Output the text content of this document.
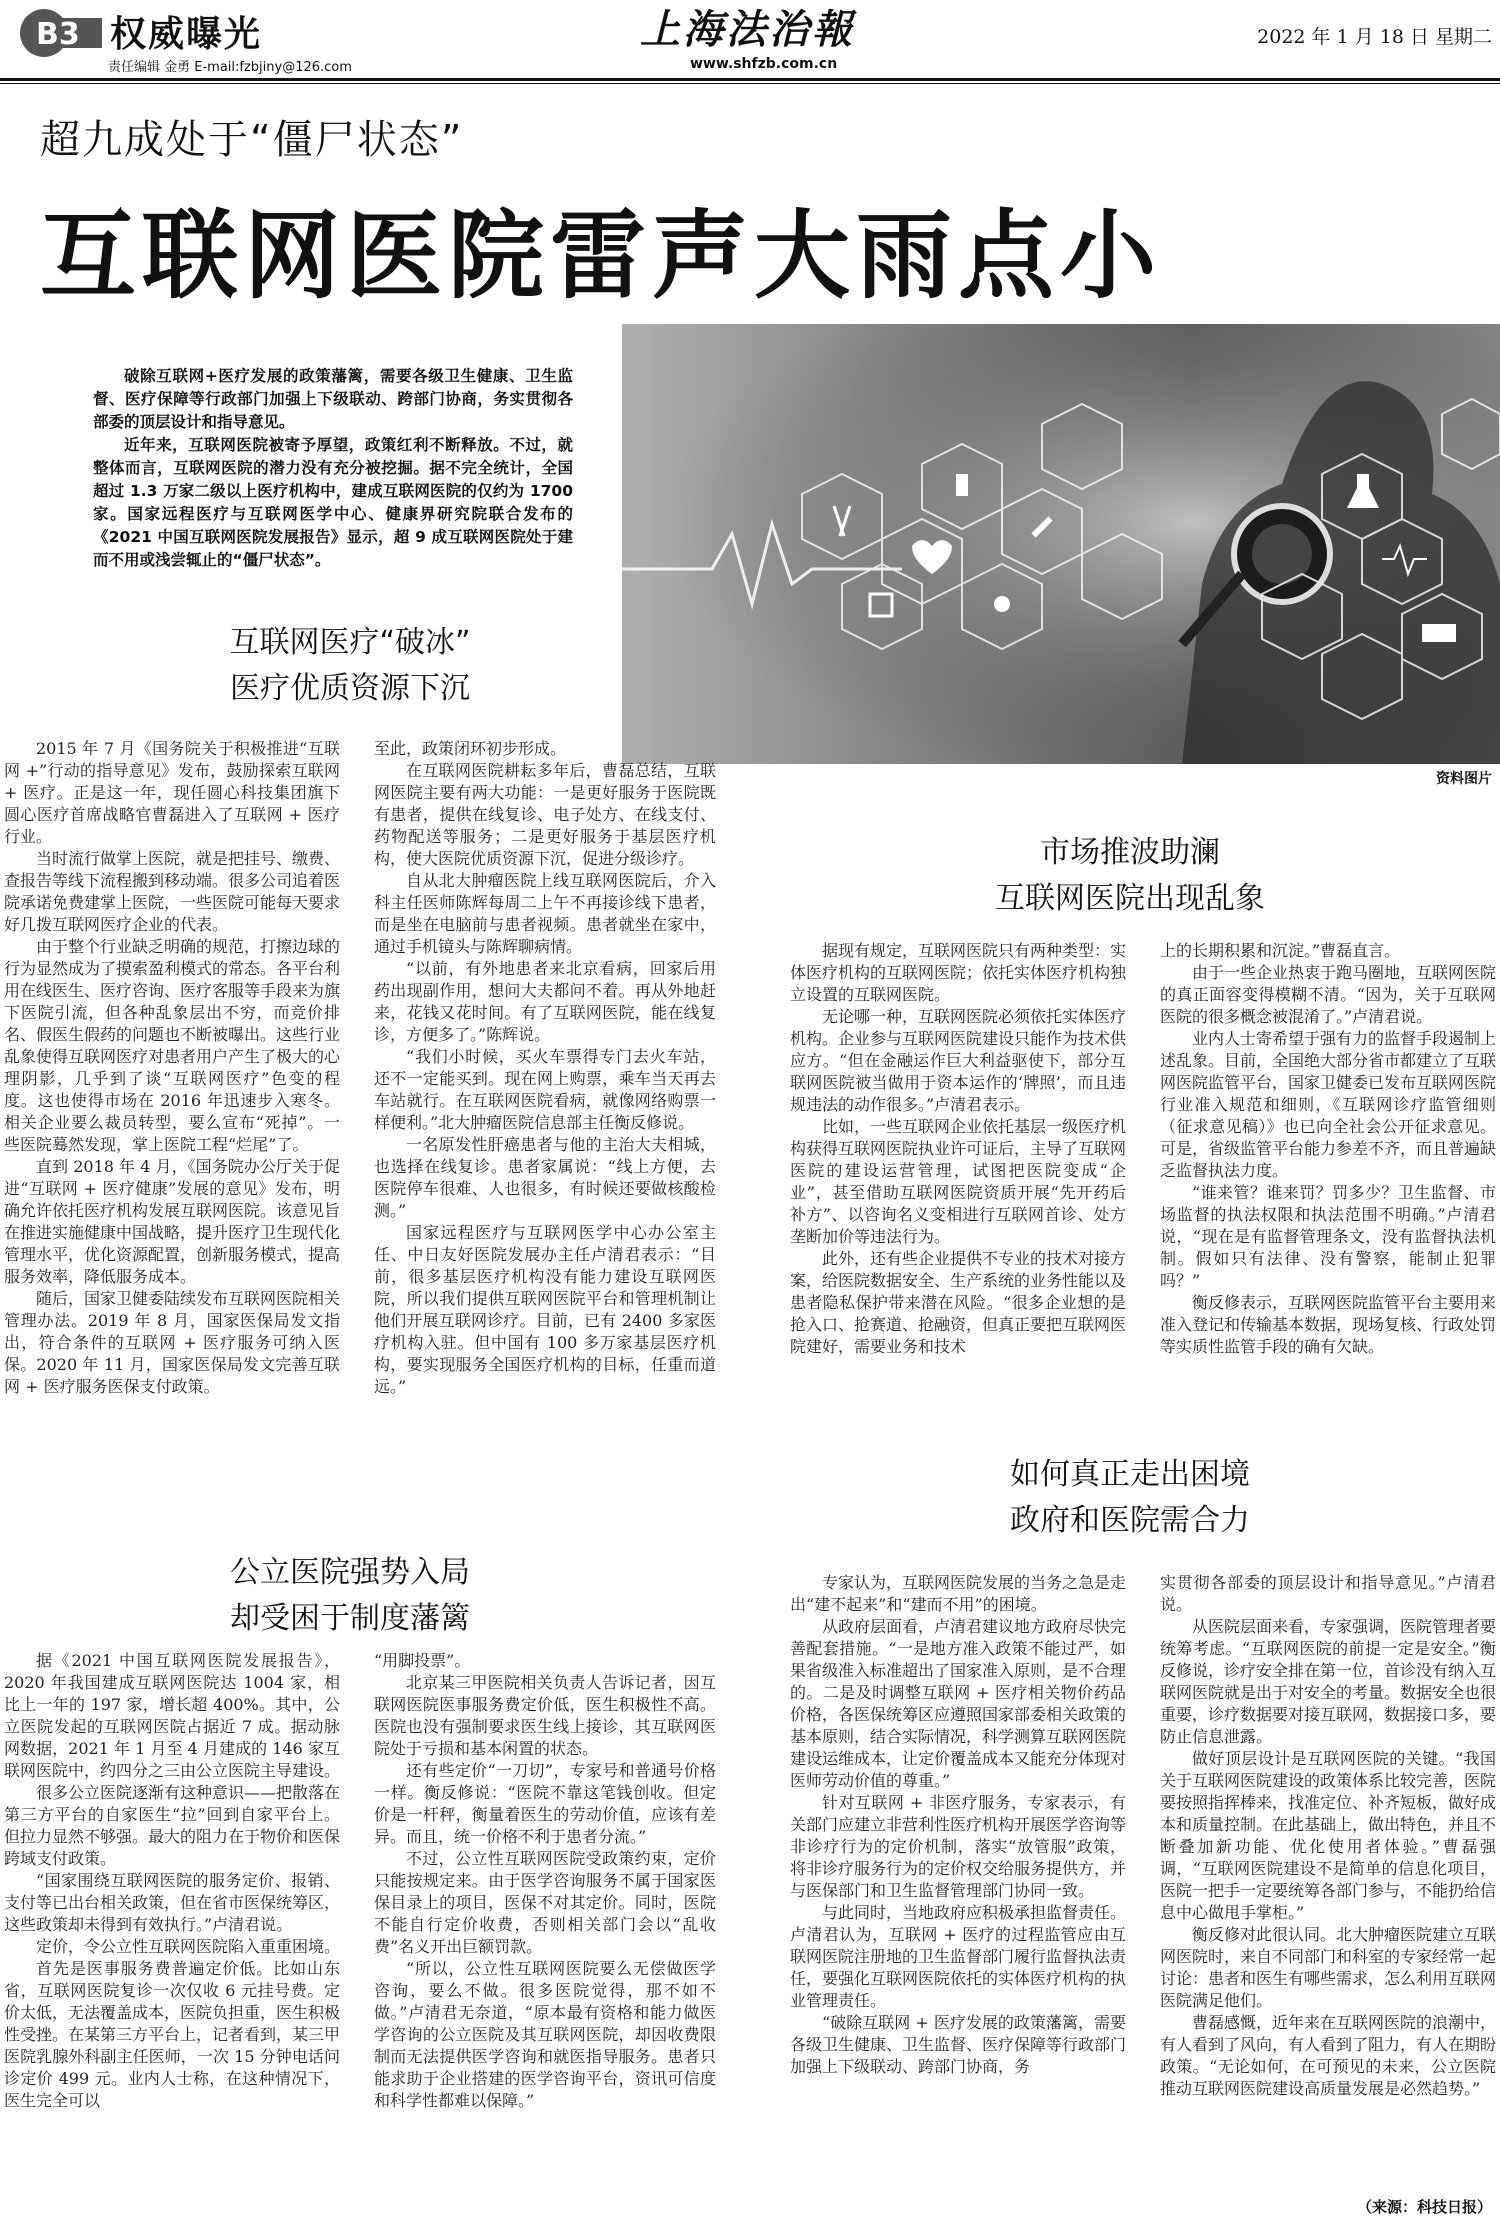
B3 权威曝光
责任编辑 金勇 E-mail:fzbjiny@126.com
上海法治報
www.shfzb.com.cn
2022 年 1 月 18 日 星期二
超九成处于“僵尸状态”
互联网医院雷声大雨点小

破除互联网+医疗发展的政策藩篱，需要各级卫生健康、卫生监督、医疗保障等行政部门加强上下级联动、跨部门协商，务实贯彻各部委的顶层设计和指导意见。

近年来，互联网医院被寄予厚望，政策红利不断释放。不过，就整体而言，互联网医院的潜力没有充分被挖掘。据不完全统计，全国超过 1.3 万家二级以上医疗机构中，建成互联网医院的仅约为 1700 家。国家远程医疗与互联网医学中心、健康界研究院联合发布的《2021 中国互联网医院发展报告》显示，超 9 成互联网医院处于建而不用或浅尝辄止的“僵尸状态”。

资料图片
互联网医疗“破冰”
医疗优质资源下沉

2015 年 7 月《国务院关于积极推进“互联网 +”行动的指导意见》发布，鼓励探索互联网 + 医疗。正是这一年，现任圆心科技集团旗下圆心医疗首席战略官曹磊进入了互联网 + 医疗行业。

当时流行做掌上医院，就是把挂号、缴费、查报告等线下流程搬到移动端。很多公司追着医院承诺免费建掌上医院，一些医院可能每天要求好几拨互联网医疗企业的代表。

由于整个行业缺乏明确的规范，打擦边球的行为显然成为了摸索盈利模式的常态。各平台利用在线医生、医疗咨询、医疗客服等手段来为旗下医院引流，但各种乱象层出不穷，而竞价排名、假医生假药的问题也不断被曝出。这些行业乱象使得互联网医疗对患者用户产生了极大的心理阴影，几乎到了谈“互联网医疗”色变的程度。这也使得市场在 2016 年迅速步入寒冬。相关企业要么裁员转型，要么宣布“死掉”。一些医院蓦然发现，掌上医院工程“烂尾”了。

直到 2018 年 4 月，《国务院办公厅关于促进“互联网 + 医疗健康”发展的意见》发布，明确允许依托医疗机构发展互联网医院。该意见旨在推进实施健康中国战略，提升医疗卫生现代化管理水平，优化资源配置，创新服务模式，提高服务效率，降低服务成本。

随后，国家卫健委陆续发布互联网医院相关管理办法。2019 年 8 月，国家医保局发文指出，符合条件的互联网 + 医疗服务可纳入医保。2020 年 11 月，国家医保局发文完善互联网 + 医疗服务医保支付政策。

至此，政策闭环初步形成。

在互联网医院耕耘多年后，曹磊总结，互联网医院主要有两大功能：一是更好服务于医院既有患者，提供在线复诊、电子处方、在线支付、药物配送等服务；二是更好服务于基层医疗机构，使大医院优质资源下沉，促进分级诊疗。

自从北大肿瘤医院上线互联网医院后，介入科主任医师陈辉每周二上午不再接诊线下患者，而是坐在电脑前与患者视频。患者就坐在家中，通过手机镜头与陈辉聊病情。

“以前，有外地患者来北京看病，回家后用药出现副作用，想问大夫都问不着。再从外地赶来，花钱又花时间。有了互联网医院，能在线复诊，方便多了。”陈辉说。

“我们小时候，买火车票得专门去火车站，还不一定能买到。现在网上购票，乘车当天再去车站就行。在互联网医院看病，就像网络购票一样便利。”北大肿瘤医院信息部主任衡反修说。

一名原发性肝癌患者与他的主治大夫相城，也选择在线复诊。患者家属说：“线上方便，去医院停车很难、人也很多，有时候还要做核酸检测。”

国家远程医疗与互联网医学中心办公室主任、中日友好医院发展办主任卢清君表示：“目前，很多基层医疗机构没有能力建设互联网医院，所以我们提供互联网医院平台和管理机制让他们开展互联网诊疗。目前，已有 2400 多家医疗机构入驻。但中国有 100 多万家基层医疗机构，要实现服务全国医疗机构的目标，任重而道远。”

公立医院强势入局
却受困于制度藩篱

据《2021 中国互联网医院发展报告》，2020 年我国建成互联网医院达 1004 家，相比上一年的 197 家，增长超 400%。其中，公立医院发起的互联网医院占据近 7 成。据动脉网数据，2021 年 1 月至 4 月建成的 146 家互联网医院中，约四分之三由公立医院主导建设。

很多公立医院逐渐有这种意识——把散落在第三方平台的自家医生“拉”回到自家平台上。但拉力显然不够强。最大的阻力在于物价和医保跨域支付政策。

“国家围绕互联网医院的服务定价、报销、支付等已出台相关政策，但在省市医保统筹区，这些政策却未得到有效执行。”卢清君说。

定价，令公立性互联网医院陷入重重困境。

首先是医事服务费普遍定价低。比如山东省，互联网医院复诊一次仅收 6 元挂号费。定价太低，无法覆盖成本，医院负担重，医生积极性受挫。在某第三方平台上，记者看到，某三甲医院乳腺外科副主任医师，一次 15 分钟电话问诊定价 499 元。业内人士称，在这种情况下，医生完全可以

“用脚投票”。

北京某三甲医院相关负责人告诉记者，因互联网医院医事服务费定价低，医生积极性不高。医院也没有强制要求医生线上接诊，其互联网医院处于亏损和基本闲置的状态。

还有些定价“一刀切”，专家号和普通号价格一样。衡反修说：“医院不靠这笔钱创收。但定价是一杆秤，衡量着医生的劳动价值，应该有差异。而且，统一价格不利于患者分流。”

不过，公立性互联网医院受政策约束，定价只能按规定来。由于医学咨询服务不属于国家医保目录上的项目，医保不对其定价。同时，医院不能自行定价收费，否则相关部门会以“乱收费”名义开出巨额罚款。

“所以，公立性互联网医院要么无偿做医学咨询，要么不做。很多医院觉得，那不如不做。”卢清君无奈道，“原本最有资格和能力做医学咨询的公立医院及其互联网医院，却因收费限制而无法提供医学咨询和就医指导服务。患者只能求助于企业搭建的医学咨询平台，资讯可信度和科学性都难以保障。”

市场推波助澜
互联网医院出现乱象

据现有规定，互联网医院只有两种类型：实体医疗机构的互联网医院；依托实体医疗机构独立设置的互联网医院。

无论哪一种，互联网医院必须依托实体医疗机构。企业参与互联网医院建设只能作为技术供应方。“但在金融运作巨大利益驱使下，部分互联网医院被当做用于资本运作的‘牌照’，而且违规违法的动作很多。”卢清君表示。

比如，一些互联网企业依托基层一级医疗机构获得互联网医院执业许可证后，主导了互联网医院的建设运营管理，试图把医院变成“企业”，甚至借助互联网医院资质开展“先开药后补方”、以咨询名义变相进行互联网首诊、处方垄断加价等违法行为。

此外，还有些企业提供不专业的技术对接方案，给医院数据安全、生产系统的业务性能以及患者隐私保护带来潜在风险。“很多企业想的是抢入口、抢赛道、抢融资，但真正要把互联网医院建好，需要业务和技术

上的长期积累和沉淀。”曹磊直言。

由于一些企业热衷于跑马圈地，互联网医院的真正面容变得模糊不清。“因为，关于互联网医院的很多概念被混淆了。”卢清君说。

业内人士寄希望于强有力的监督手段遏制上述乱象。目前，全国绝大部分省市都建立了互联网医院监管平台，国家卫健委已发布互联网医院行业准入规范和细则，《互联网诊疗监管细则（征求意见稿）》也已向全社会公开征求意见。可是，省级监管平台能力参差不齐，而且普遍缺乏监督执法力度。

“谁来管？谁来罚？罚多少？卫生监督、市场监督的执法权限和执法范围不明确。”卢清君说，“现在是有监督管理条文，没有监督执法机制。假如只有法律、没有警察，能制止犯罪吗？”

衡反修表示，互联网医院监管平台主要用来准入登记和传输基本数据，现场复核、行政处罚等实质性监管手段的确有欠缺。

如何真正走出困境
政府和医院需合力

专家认为，互联网医院发展的当务之急是走出“建不起来”和“建而不用”的困境。

从政府层面看，卢清君建议地方政府尽快完善配套措施。“一是地方准入政策不能过严，如果省级准入标准超出了国家准入原则，是不合理的。二是及时调整互联网 + 医疗相关物价药品价格，各医保统筹区应遵照国家部委相关政策的基本原则，结合实际情况，科学测算互联网医院建设运维成本，让定价覆盖成本又能充分体现对医师劳动价值的尊重。”

针对互联网 + 非医疗服务，专家表示，有关部门应建立非营利性医疗机构开展医学咨询等非诊疗行为的定价机制，落实“放管服”政策，将非诊疗服务行为的定价权交给服务提供方，并与医保部门和卫生监督管理部门协同一致。

与此同时，当地政府应积极承担监督责任。卢清君认为，互联网 + 医疗的过程监管应由互联网医院注册地的卫生监督部门履行监督执法责任，要强化互联网医院依托的实体医疗机构的执业管理责任。

“破除互联网 + 医疗发展的政策藩篱，需要各级卫生健康、卫生监督、医疗保障等行政部门加强上下级联动、跨部门协商，务

实贯彻各部委的顶层设计和指导意见。”卢清君说。

从医院层面来看，专家强调，医院管理者要统筹考虑。“互联网医院的前提一定是安全。”衡反修说，诊疗安全排在第一位，首诊没有纳入互联网医院就是出于对安全的考量。数据安全也很重要，诊疗数据要对接互联网，数据接口多，要防止信息泄露。

做好顶层设计是互联网医院的关键。“我国关于互联网医院建设的政策体系比较完善，医院要按照指挥棒来，找准定位、补齐短板，做好成本和质量控制。在此基础上，做出特色，并且不断叠加新功能、优化使用者体验。”曹磊强调，“互联网医院建设不是简单的信息化项目，医院一把手一定要统筹各部门参与，不能扔给信息中心做甩手掌柜。”

衡反修对此很认同。北大肿瘤医院建立互联网医院时，来自不同部门和科室的专家经常一起讨论：患者和医生有哪些需求，怎么利用互联网医院满足他们。

曹磊感慨，近年来在互联网医院的浪潮中，有人看到了风向，有人看到了阻力，有人在期盼政策。“无论如何，在可预见的未来，公立医院推动互联网医院建设高质量发展是必然趋势。”

（来源：科技日报）
